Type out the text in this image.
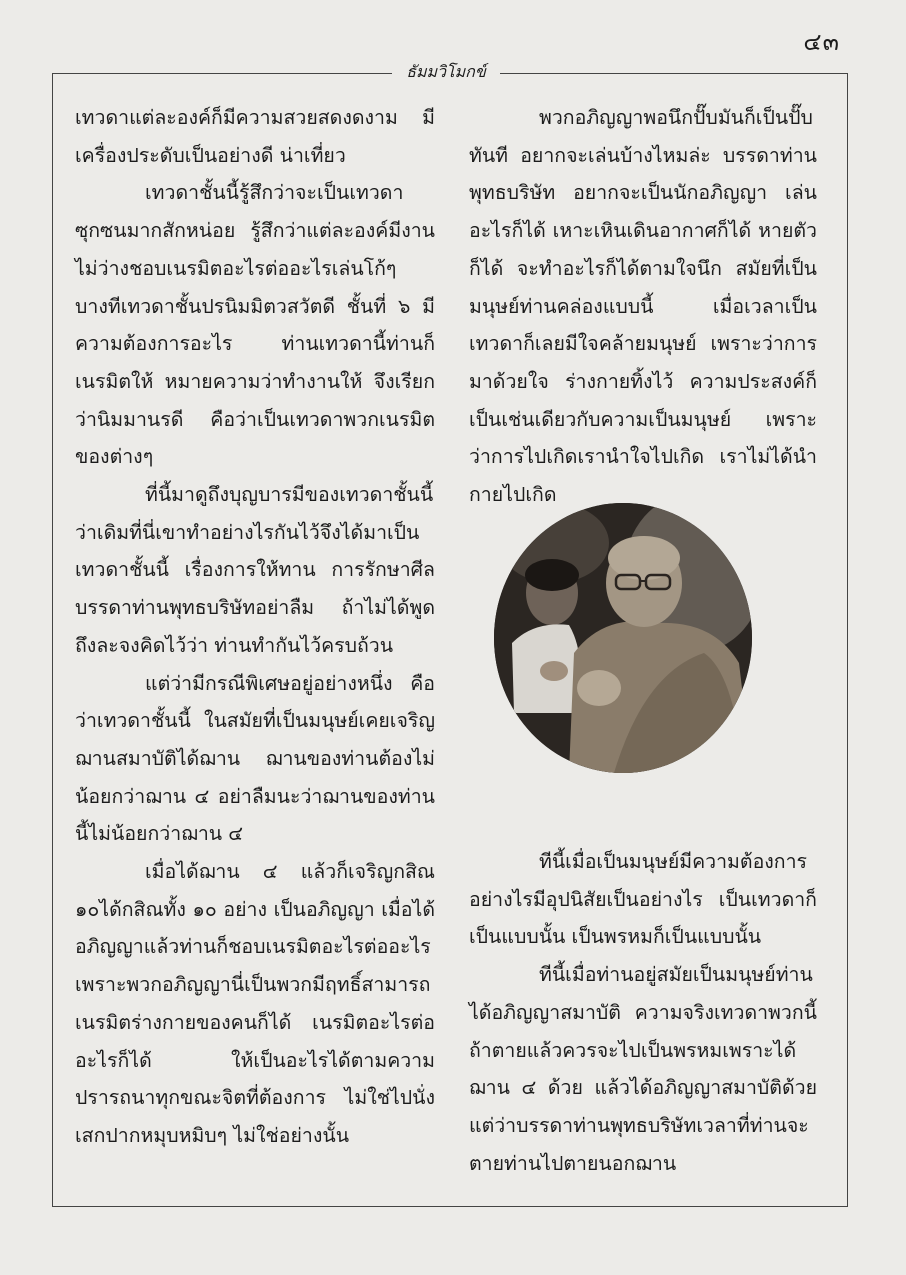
๔๓
ธัมมวิโมกข์

เทวดาแต่ละองค์ก็มีความสวยสดงดงาม มีเครื่องประดับเป็นอย่างดี น่าเที่ยว

เทวดาชั้นนี้รู้สึกว่าจะเป็นเทวดาซุกซนมากสักหน่อย รู้สึกว่าแต่ละองค์มีงานไม่ว่างชอบเนรมิตอะไรต่ออะไรเล่นโก้ๆ บางทีเทวดาชั้นปรนิมมิตวสวัตดี ชั้นที่ ๖ มีความต้องการอะไร ท่านเทวดานี้ท่านก็เนรมิตให้ หมายความว่าทำงานให้ จึงเรียกว่านิมมานรดี คือว่าเป็นเทวดาพวกเนรมิตของต่างๆ

ที่นี้มาดูถึงบุญบารมีของเทวดาชั้นนี้ว่าเดิมที่นี่เขาทำอย่างไรกันไว้จึงได้มาเป็นเทวดาชั้นนี้ เรื่องการให้ทาน การรักษาศีลบรรดาท่านพุทธบริษัทอย่าลืม ถ้าไม่ได้พูดถึงละจงคิดไว้ว่า ท่านทำกันไว้ครบถ้วน

แต่ว่ามีกรณีพิเศษอยู่อย่างหนึ่ง คือว่าเทวดาชั้นนี้ ในสมัยที่เป็นมนุษย์เคยเจริญฌานสมาบัติได้ฌาน ฌานของท่านต้องไม่น้อยกว่าฌาน ๔ อย่าลืมนะว่าฌานของท่านนี้ไม่น้อยกว่าฌาน ๔

เมื่อได้ฌาน ๔ แล้วก็เจริญกสิณ ๑๐ได้กสิณทั้ง ๑๐ อย่าง เป็นอภิญญา เมื่อได้อภิญญาแล้วท่านก็ชอบเนรมิตอะไรต่ออะไร เพราะพวกอภิญญานี่เป็นพวกมีฤทธิ์สามารถเนรมิตร่างกายของคนก็ได้ เนรมิตอะไรต่ออะไรก็ได้ ให้เป็นอะไรได้ตามความปรารถนาทุกขณะจิตที่ต้องการ ไม่ใช่ไปนั่งเสกปากหมุบหมิบๆ ไม่ใช่อย่างนั้น

พวกอภิญญาพอนึกปั๊บมันก็เป็นปั๊บทันที อยากจะเล่นบ้างไหมล่ะ บรรดาท่านพุทธบริษัท อยากจะเป็นนักอภิญญา เล่นอะไรก็ได้ เหาะเหินเดินอากาศก็ได้ หายตัวก็ได้ จะทำอะไรก็ได้ตามใจนึก สมัยที่เป็นมนุษย์ท่านคล่องแบบนี้ เมื่อเวลาเป็นเทวดาก็เลยมีใจคล้ายมนุษย์ เพราะว่าการมาด้วยใจ ร่างกายทิ้งไว้ ความประสงค์ก็เป็นเช่นเดียวกับความเป็นมนุษย์ เพราะว่าการไปเกิดเรานำใจไปเกิด เราไม่ได้นำกายไปเกิด

ทีนี้เมื่อเป็นมนุษย์มีความต้องการอย่างไรมีอุปนิสัยเป็นอย่างไร เป็นเทวดาก็เป็นแบบนั้น เป็นพรหมก็เป็นแบบนั้น

ทีนี้เมื่อท่านอยู่สมัยเป็นมนุษย์ท่านได้อภิญญาสมาบัติ ความจริงเทวดาพวกนี้ถ้าตายแล้วควรจะไปเป็นพรหมเพราะได้ฌาน ๔ ด้วย แล้วได้อภิญญาสมาบัติด้วย แต่ว่าบรรดาท่านพุทธบริษัทเวลาที่ท่านจะตายท่านไปตายนอกฌาน
